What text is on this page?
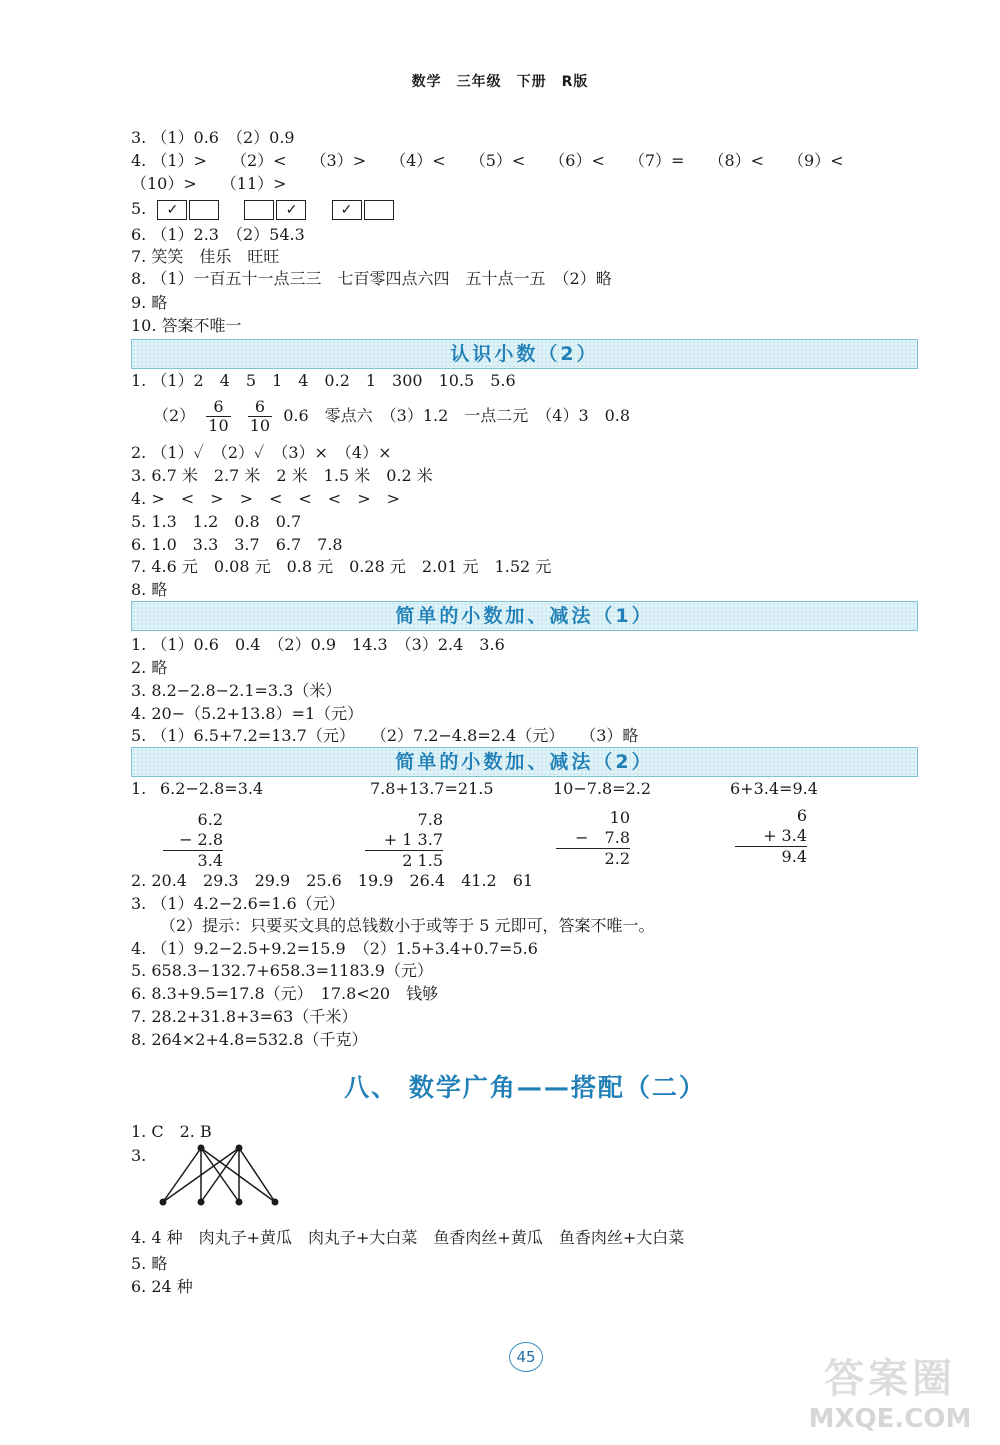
数学　三年级　下册　R版
3. （1）0.6　（2）0.9
4. （1）>　　（2）<　　（3）>　　（4）<　　（5）<　　（6）<　　（7）=　　（8）<　　（9）<
（10）>　　（11）>
5. ✓	✓	✓
6. （1）2.3　（2）54.3
7. 笑笑　佳乐　旺旺
8. （1）一百五十一点三三　七百零四点六四　五十点一五　（2）略
9. 略
10. 答案不唯一
认识小数（2）
1. （1）2　4　5　1　4　0.2　1　300　10.5　5.6
$(2) \frac{6}{10}$
$\frac{6}{10} 0.6$　零点六　（3）1.2　一点二元　（4）3　0.8
2. （1）✓　（2）✓　（3）×　（4）×
3. 6.7 米　2.7 米　2 米　1.5 米　0.2 米
4. >　<　>　>　<　<　<　>　>
5. 1.3　1.2　0.8　0.7
6. 1.0　3.3　3.7　6.7　7.8
7. 4.6 元　0.08 元　0.8 元　0.28 元　2.01 元　1.52 元
8. 略
简单的小数加、减法（1）
1. （1）0.6　0.4　（2）0.9　14.3　（3）2.4　3.6
2. 略
3. 8.2−2.8−2.1=3.3（米）
4. 20−（5.2+13.8）=1（元）
5. （1）6.5+7.2=13.7（元）　　（2）7.2−4.8=2.4（元）　　（3）略
简单的小数加、减法（2）
1. 6.2−2.8=3.4	7.8+13.7=21.5	10−7.8=2.2	6+3.4=9.4
6.2
− 2.8
3.4
7.8
+ 1 3.7
2 1.5
10
−　7.8
2.2
6
+ 3.4
9.4
2. 20.4　29.3　29.9　25.6　19.9　26.4　41.2　61
3. （1）4.2−2.6=1.6（元）
（2）提示：只要买文具的总钱数小于或等于 5 元即可，答案不唯一。
4. （1）9.2−2.5+9.2=15.9　（2）1.5+3.4+0.7=5.6
5. 658.3−132.7+658.3=1183.9（元）
6. 8.3+9.5=17.8（元）　17.8<20　钱够
7. 28.2+31.8+3=63（千米）
8. 264×2+4.8=532.8（千克）
八、 数学广角——搭配（二）
1. C　2. B
3.
4. 4 种　肉丸子+黄瓜　肉丸子+大白菜　鱼香肉丝+黄瓜　鱼香肉丝+大白菜
5. 略
6. 24 种
45	答案圈
MXQE.COM
